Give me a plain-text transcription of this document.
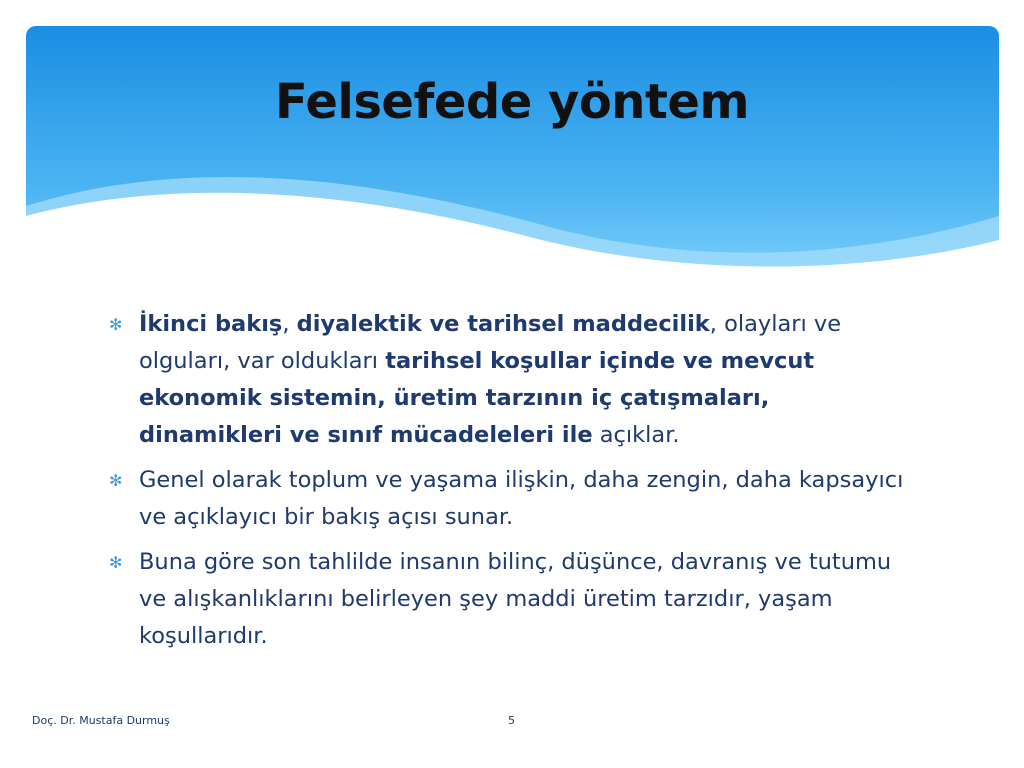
Felsefede yöntem

✻ İkinci bakış, diyalektik ve tarihsel maddecilik, olayları ve olguları, var oldukları tarihsel koşullar içinde ve mevcut ekonomik sistemin, üretim tarzının iç çatışmaları, dinamikleri ve sınıf mücadeleleri ile açıklar.

✻ Genel olarak toplum ve yaşama ilişkin, daha zengin, daha kapsayıcı ve açıklayıcı bir bakış açısı sunar.

✻ Buna göre son tahlilde insanın bilinç, düşünce, davranış ve tutumu ve alışkanlıklarını belirleyen şey maddi üretim tarzıdır, yaşam koşullarıdır.

Doç. Dr. Mustafa Durmuş	5
